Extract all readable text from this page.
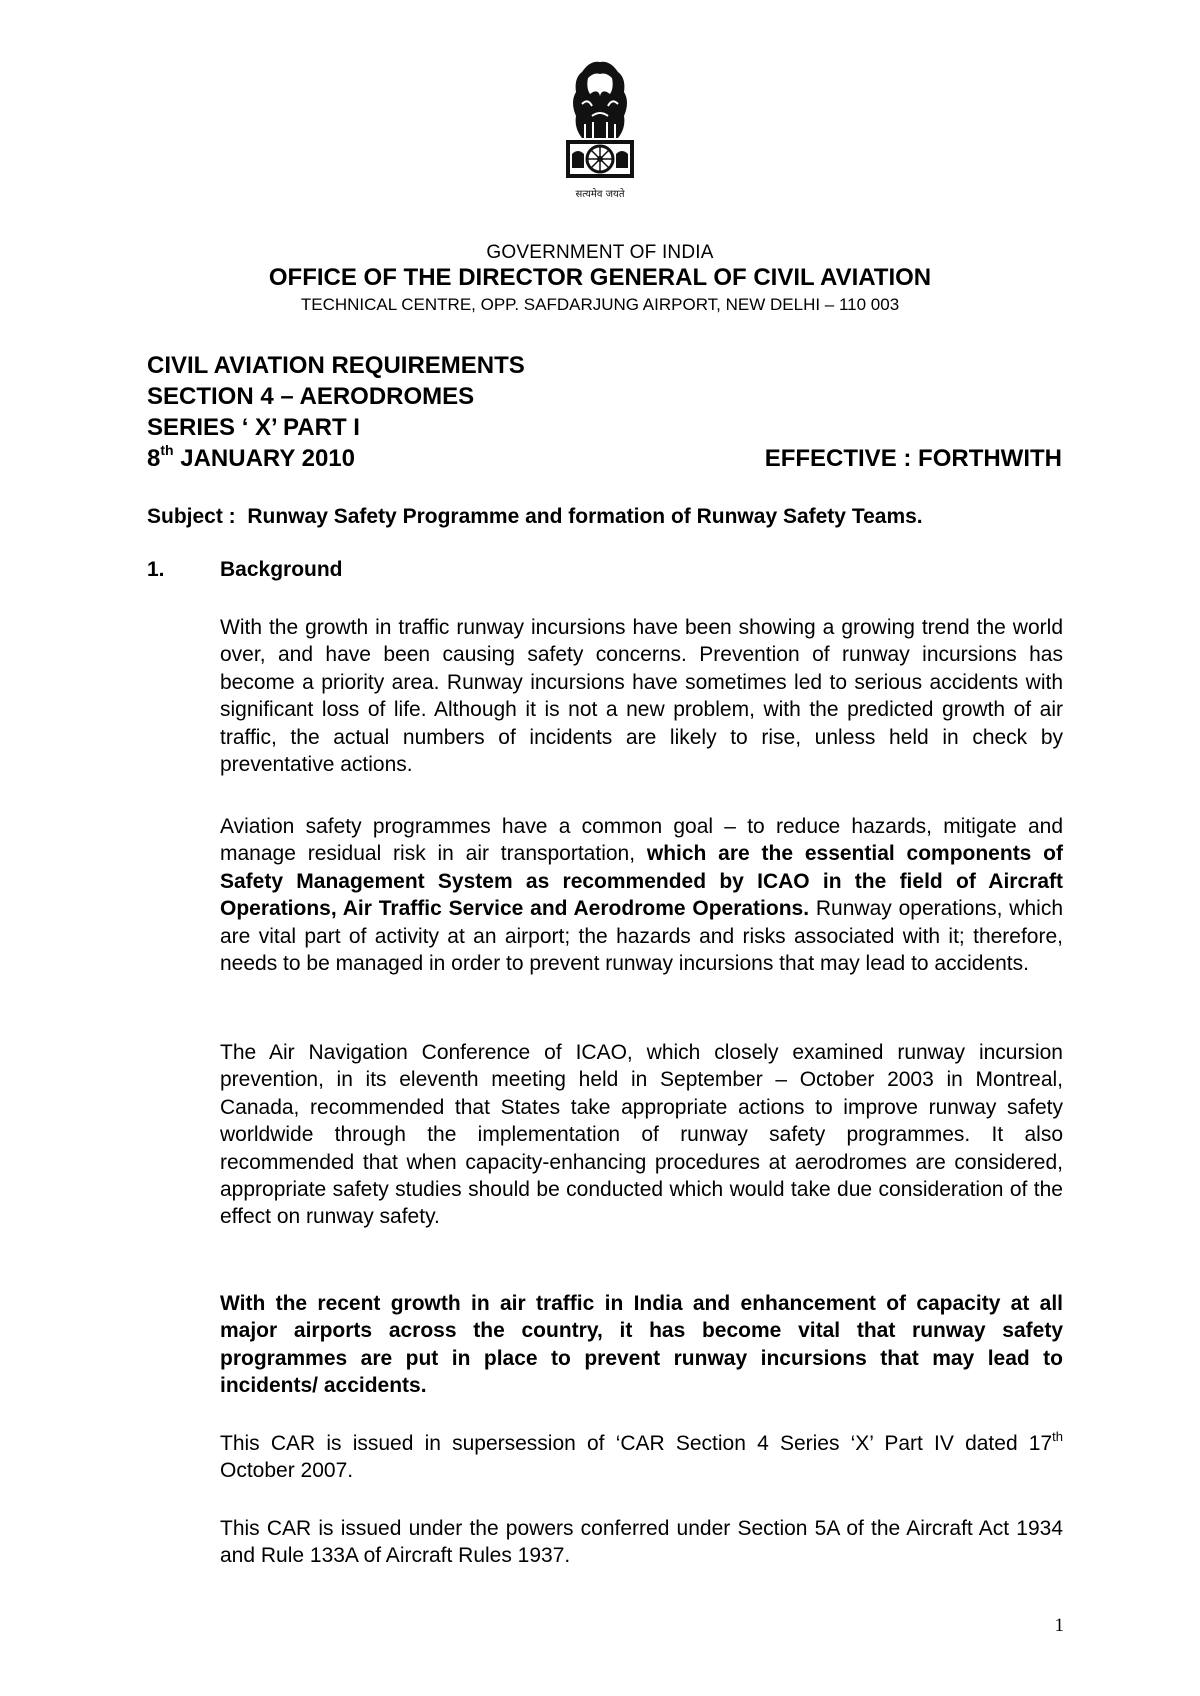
सत्यमेव जयते
GOVERNMENT OF INDIA
OFFICE OF THE DIRECTOR GENERAL OF CIVIL AVIATION
TECHNICAL CENTRE, OPP. SAFDARJUNG AIRPORT, NEW DELHI – 110 003
CIVIL AVIATION REQUIREMENTS
SECTION 4 – AERODROMES
SERIES ‘ X’ PART I
8th JANUARY 2010	EFFECTIVE : FORTHWITH
Subject : Runway Safety Programme and formation of Runway Safety Teams.
1.	Background
With the growth in traffic runway incursions have been showing a growing trend the world over, and have been causing safety concerns. Prevention of runway incursions has become a priority area. Runway incursions have sometimes led to serious accidents with significant loss of life. Although it is not a new problem, with the predicted growth of air traffic, the actual numbers of incidents are likely to rise, unless held in check by preventative actions.
Aviation safety programmes have a common goal – to reduce hazards, mitigate and manage residual risk in air transportation, which are the essential components of Safety Management System as recommended by ICAO in the field of Aircraft Operations, Air Traffic Service and Aerodrome Operations. Runway operations, which are vital part of activity at an airport; the hazards and risks associated with it; therefore, needs to be managed in order to prevent runway incursions that may lead to accidents.
The Air Navigation Conference of ICAO, which closely examined runway incursion prevention, in its eleventh meeting held in September – October 2003 in Montreal, Canada, recommended that States take appropriate actions to improve runway safety worldwide through the implementation of runway safety programmes. It also recommended that when capacity-enhancing procedures at aerodromes are considered, appropriate safety studies should be conducted which would take due consideration of the effect on runway safety.
With the recent growth in air traffic in India and enhancement of capacity at all major airports across the country, it has become vital that runway safety programmes are put in place to prevent runway incursions that may lead to incidents/ accidents.
This CAR is issued in supersession of ‘CAR Section 4 Series ‘X’ Part IV dated 17th October 2007.
This CAR is issued under the powers conferred under Section 5A of the Aircraft Act 1934 and Rule 133A of Aircraft Rules 1937.
1
